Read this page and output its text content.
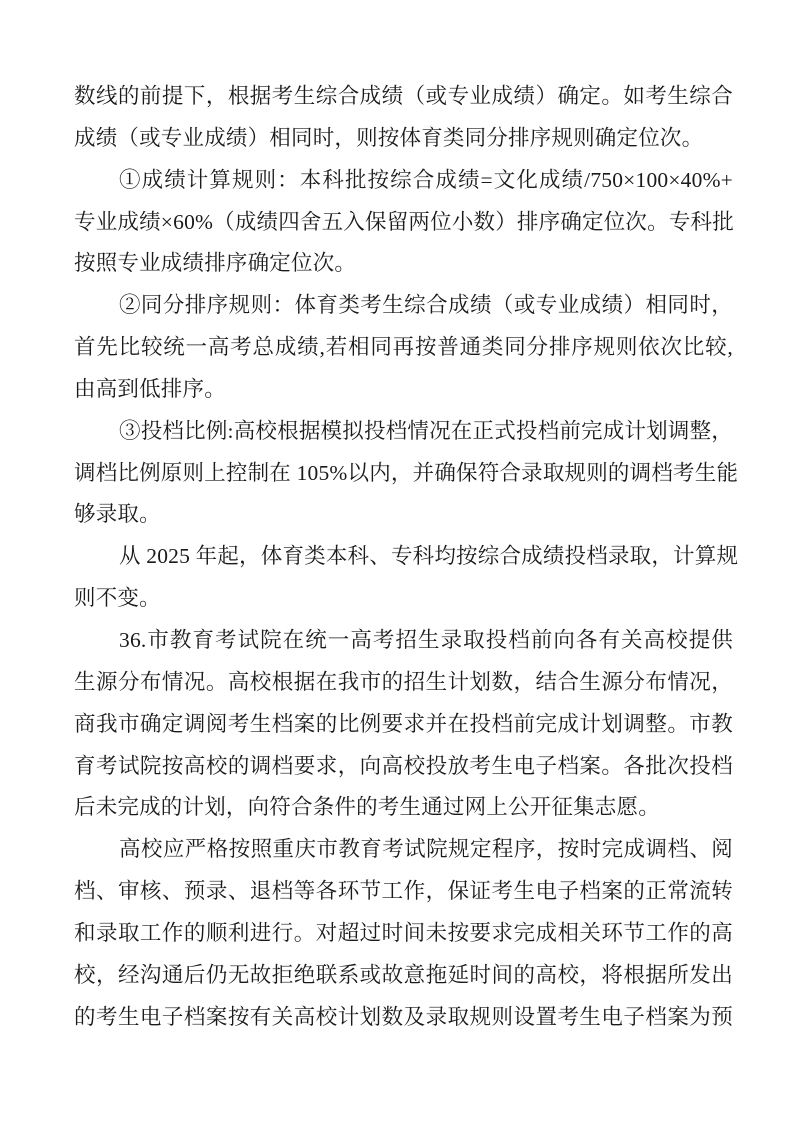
数线的前提下，根据考生综合成绩（或专业成绩）确定。如考生综合
成绩（或专业成绩）相同时，则按体育类同分排序规则确定位次。
①成绩计算规则：本科批按综合成绩=文化成绩/750×100×40%+
专业成绩×60%（成绩四舍五入保留两位小数）排序确定位次。专科批
按照专业成绩排序确定位次。
②同分排序规则：体育类考生综合成绩（或专业成绩）相同时，
首先比较统一高考总成绩,若相同再按普通类同分排序规则依次比较,
由高到低排序。
③投档比例:高校根据模拟投档情况在正式投档前完成计划调整，
调档比例原则上控制在 105%以内，并确保符合录取规则的调档考生能
够录取。
从 2025 年起，体育类本科、专科均按综合成绩投档录取，计算规
则不变。
36.市教育考试院在统一高考招生录取投档前向各有关高校提供
生源分布情况。高校根据在我市的招生计划数，结合生源分布情况，
商我市确定调阅考生档案的比例要求并在投档前完成计划调整。市教
育考试院按高校的调档要求，向高校投放考生电子档案。各批次投档
后未完成的计划，向符合条件的考生通过网上公开征集志愿。
高校应严格按照重庆市教育考试院规定程序，按时完成调档、阅
档、审核、预录、退档等各环节工作，保证考生电子档案的正常流转
和录取工作的顺利进行。对超过时间未按要求完成相关环节工作的高
校，经沟通后仍无故拒绝联系或故意拖延时间的高校，将根据所发出
的考生电子档案按有关高校计划数及录取规则设置考生电子档案为预
